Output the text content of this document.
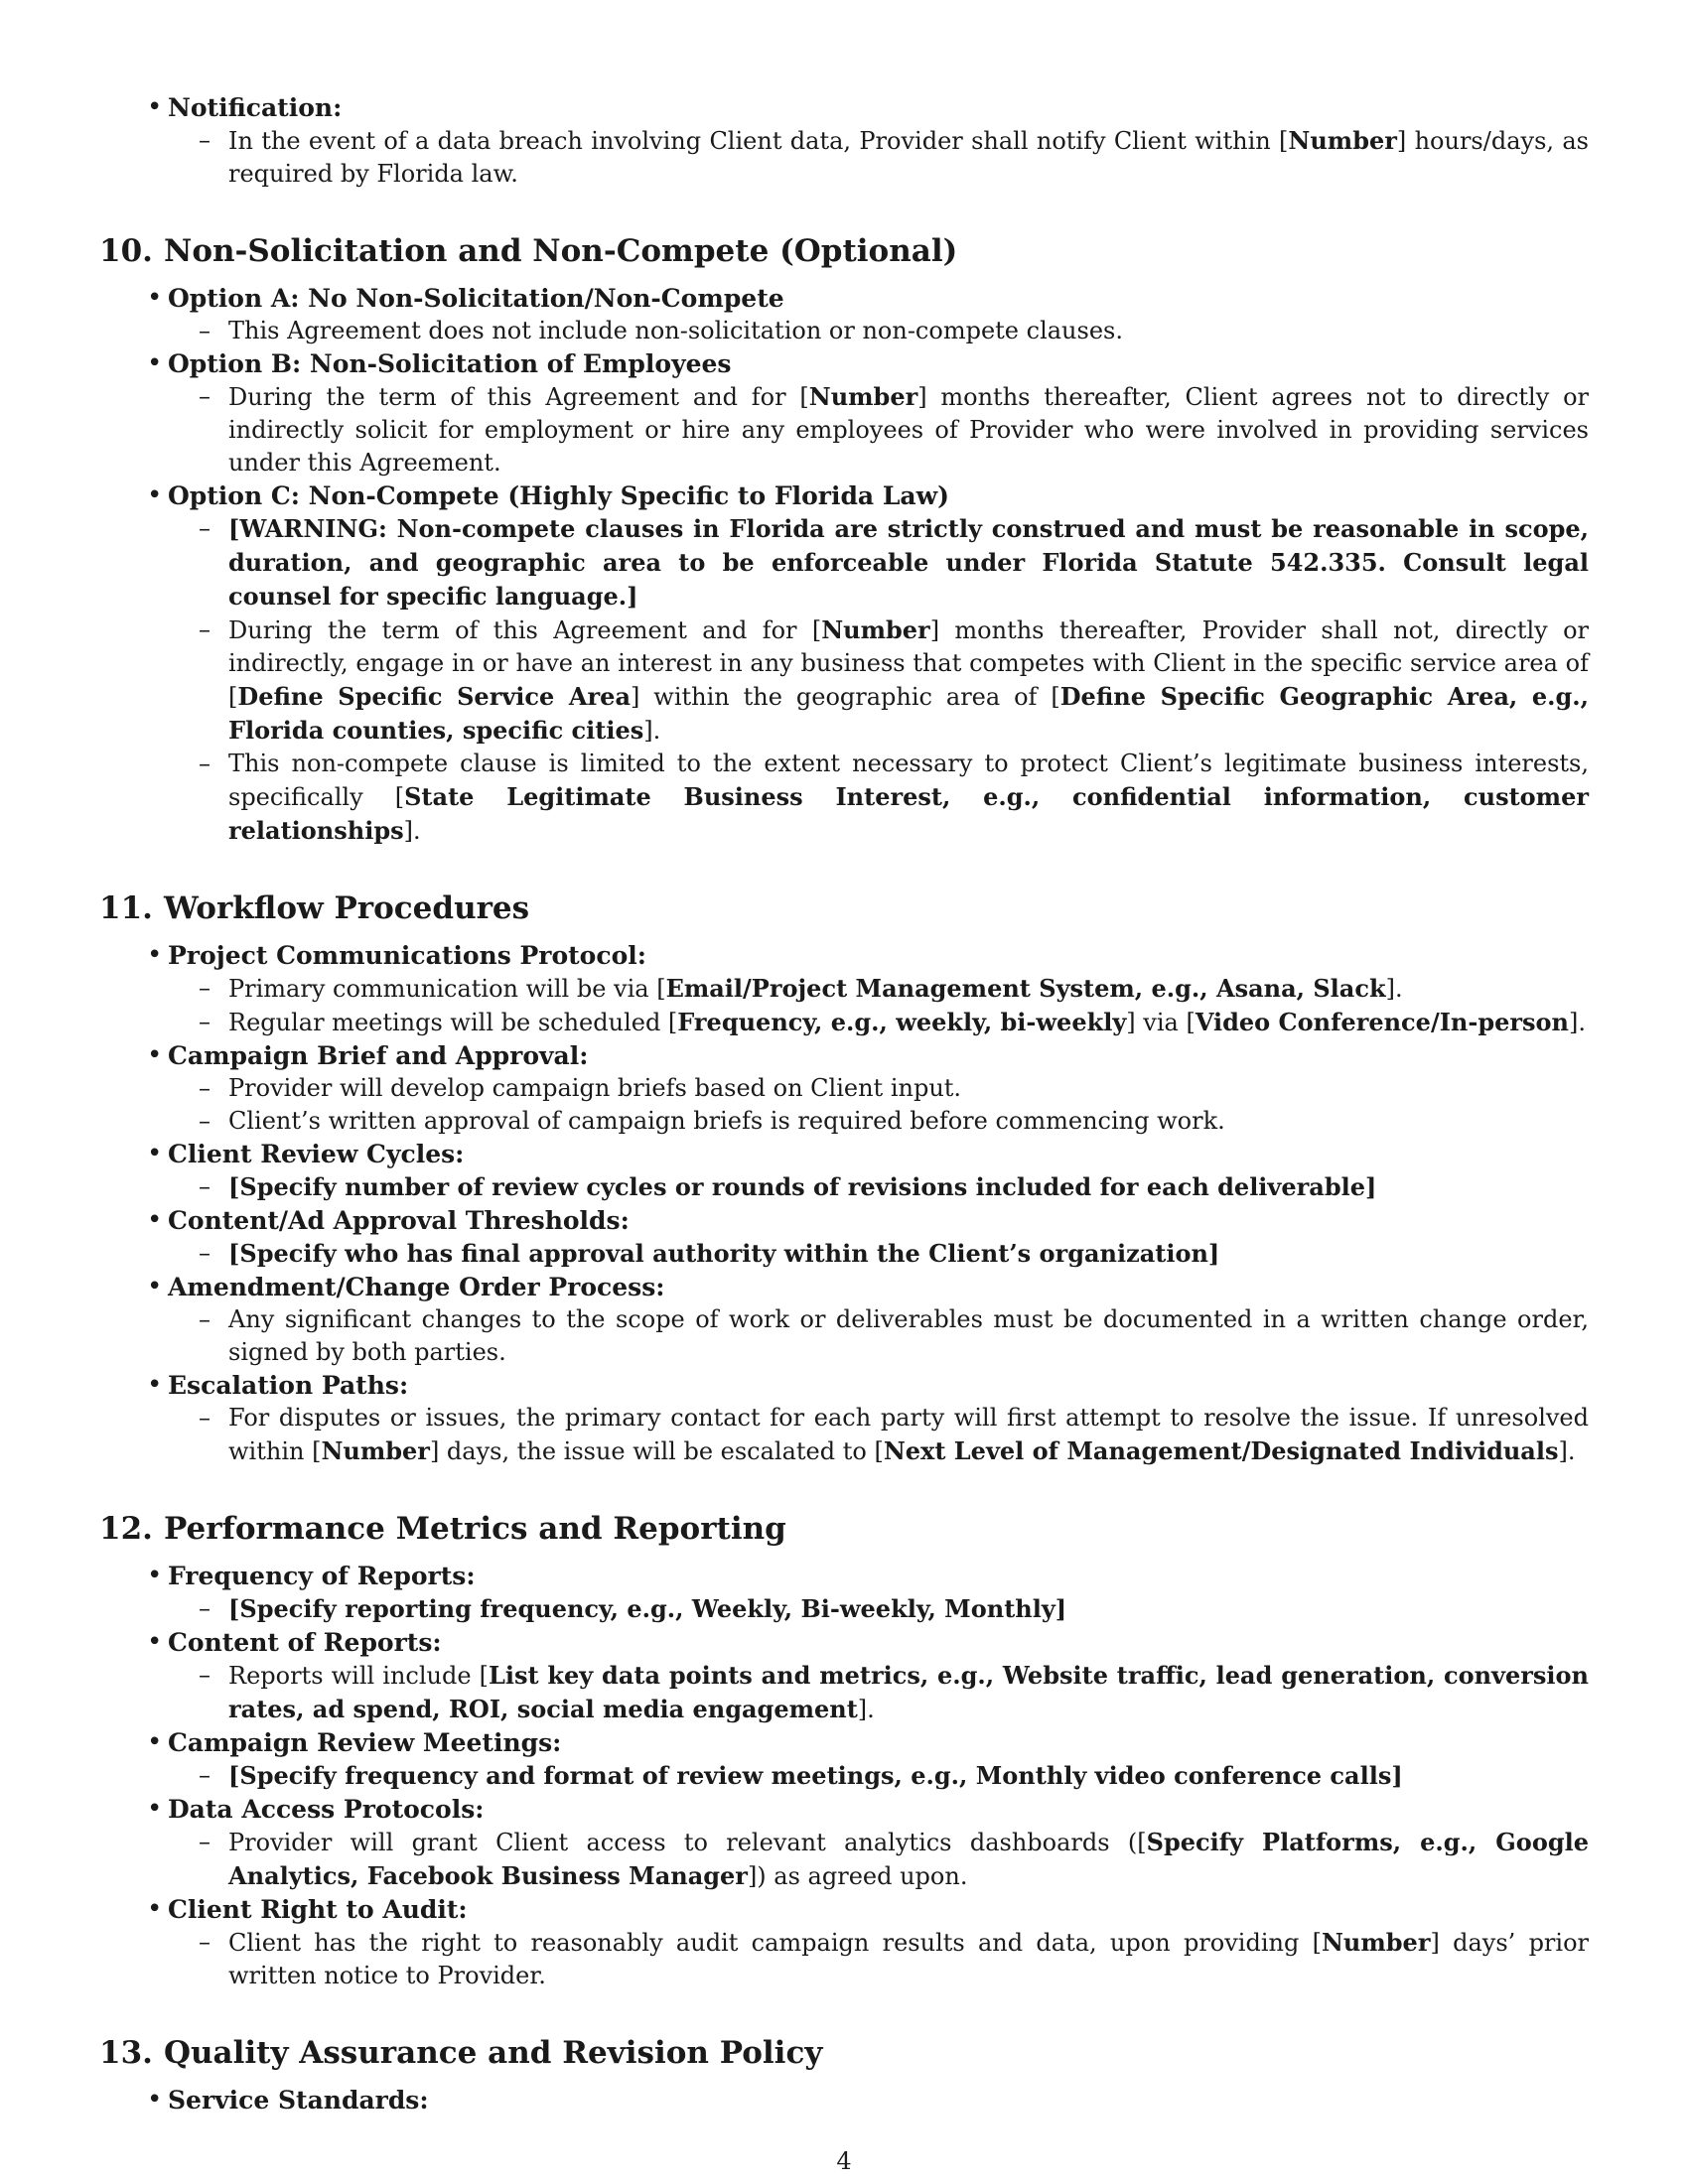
• Notification:
– In the event of a data breach involving Client data, Provider shall notify Client within [Number] hours/days, as required by Florida law.
10. Non-Solicitation and Non-Compete (Optional)
• Option A: No Non-Solicitation/Non-Compete
– This Agreement does not include non-solicitation or non-compete clauses.
• Option B: Non-Solicitation of Employees
– During the term of this Agreement and for [Number] months thereafter, Client agrees not to directly or indirectly solicit for employment or hire any employees of Provider who were involved in providing services under this Agreement.
• Option C: Non-Compete (Highly Specific to Florida Law)
– [WARNING: Non-compete clauses in Florida are strictly construed and must be reasonable in scope, duration, and geographic area to be enforceable under Florida Statute 542.335. Consult legal counsel for specific language.]
– During the term of this Agreement and for [Number] months thereafter, Provider shall not, directly or indirectly, engage in or have an interest in any business that competes with Client in the specific service area of [Define Specific Service Area] within the geographic area of [Define Specific Geographic Area, e.g., Florida counties, specific cities].
– This non-compete clause is limited to the extent necessary to protect Client’s legitimate business interests, specifically [State Legitimate Business Interest, e.g., confidential information, customer relationships].
11. Workflow Procedures
• Project Communications Protocol:
– Primary communication will be via [Email/Project Management System, e.g., Asana, Slack].
– Regular meetings will be scheduled [Frequency, e.g., weekly, bi-weekly] via [Video Conference/In-person].
• Campaign Brief and Approval:
– Provider will develop campaign briefs based on Client input.
– Client’s written approval of campaign briefs is required before commencing work.
• Client Review Cycles:
– [Specify number of review cycles or rounds of revisions included for each deliverable]
• Content/Ad Approval Thresholds:
– [Specify who has final approval authority within the Client’s organization]
• Amendment/Change Order Process:
– Any significant changes to the scope of work or deliverables must be documented in a written change order, signed by both parties.
• Escalation Paths:
– For disputes or issues, the primary contact for each party will first attempt to resolve the issue. If unresolved within [Number] days, the issue will be escalated to [Next Level of Management/Designated Individuals].
12. Performance Metrics and Reporting
• Frequency of Reports:
– [Specify reporting frequency, e.g., Weekly, Bi-weekly, Monthly]
• Content of Reports:
– Reports will include [List key data points and metrics, e.g., Website traffic, lead generation, conversion rates, ad spend, ROI, social media engagement].
• Campaign Review Meetings:
– [Specify frequency and format of review meetings, e.g., Monthly video conference calls]
• Data Access Protocols:
– Provider will grant Client access to relevant analytics dashboards ([Specify Platforms, e.g., Google Analytics, Facebook Business Manager]) as agreed upon.
• Client Right to Audit:
– Client has the right to reasonably audit campaign results and data, upon providing [Number] days’ prior written notice to Provider.
13. Quality Assurance and Revision Policy
• Service Standards:
4
